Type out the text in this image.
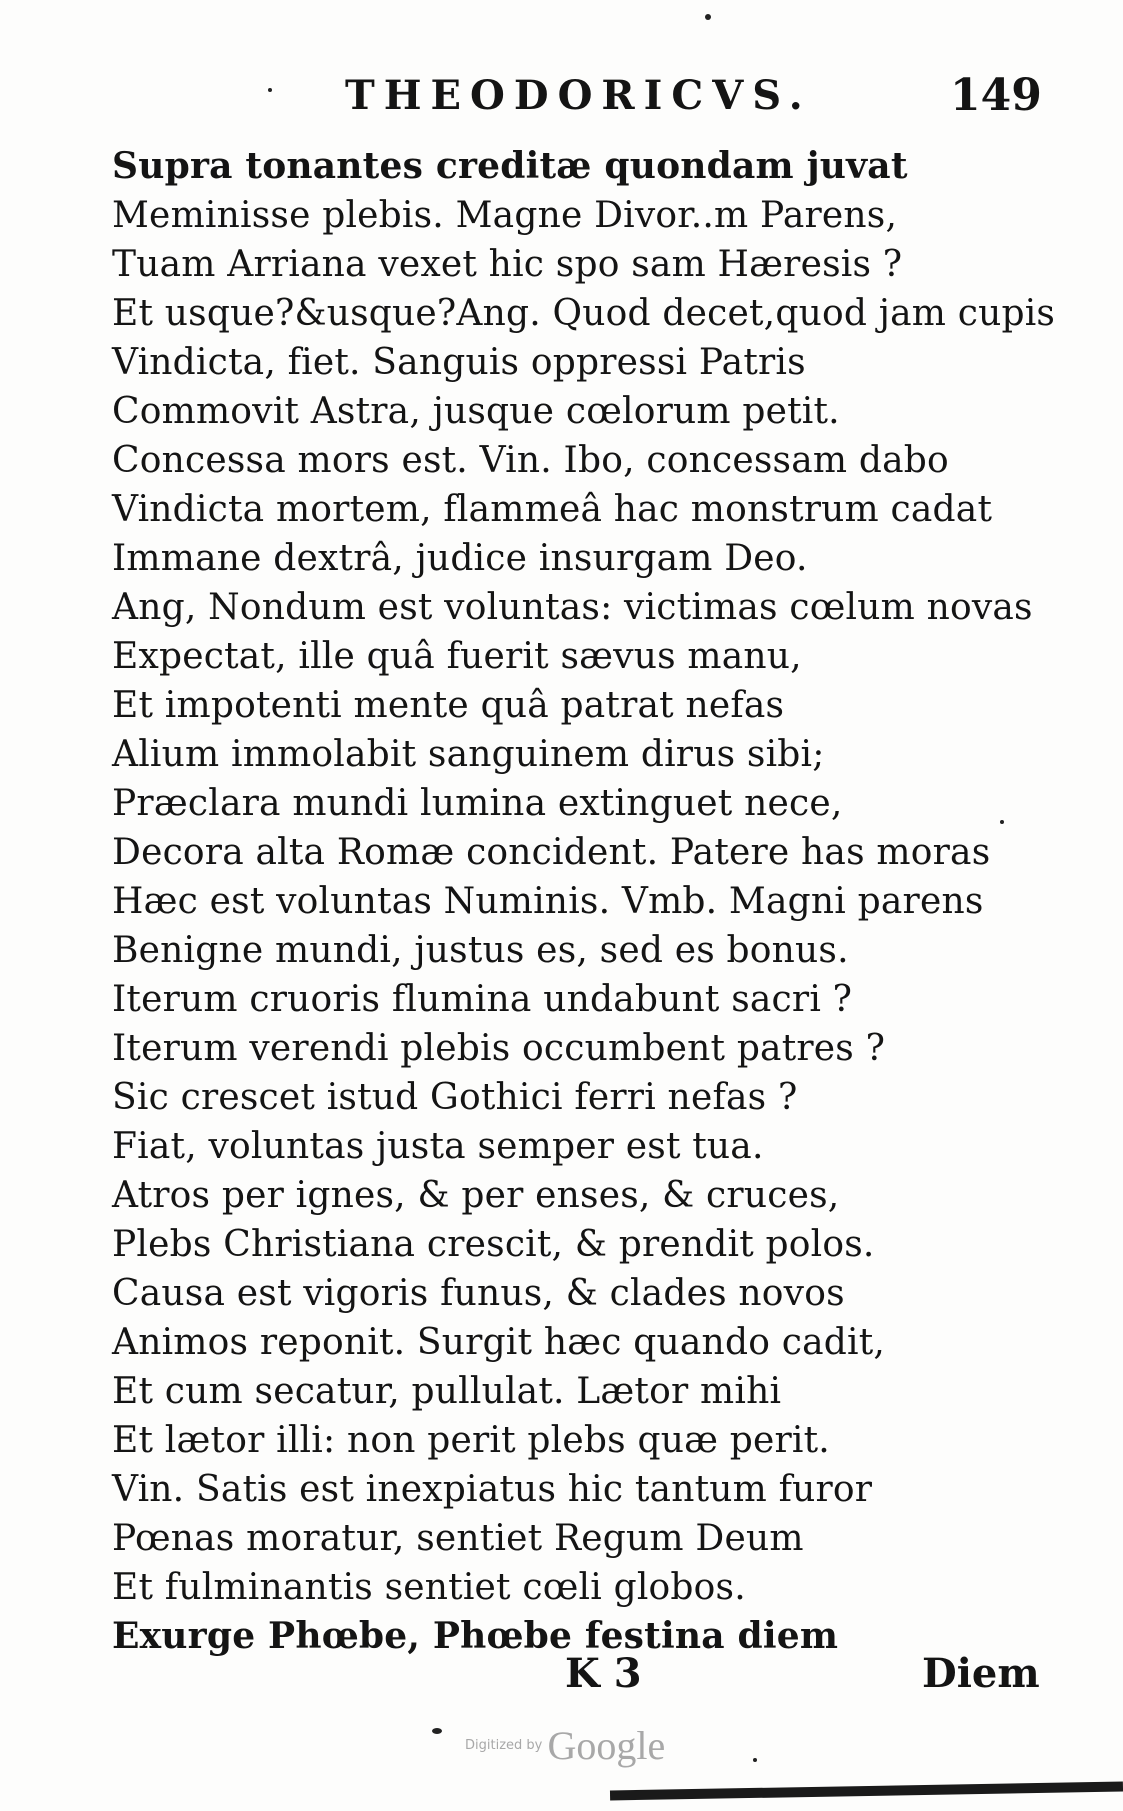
THEODORICVS.	149
Supra tonantes creditæ quondam juvat
Meminisse plebis. Magne Divor..m Parens,
Tuam Arriana vexet hic spo sam Hæresis ?
Et usque?&usque?Ang. Quod decet,quod jam cupis
Vindicta, fiet. Sanguis oppressi Patris
Commovit Astra, jusque cœlorum petit.
Concessa mors est. Vin. Ibo, concessam dabo
Vindicta mortem, flammeâ hac monstrum cadat
Immane dextrâ, judice insurgam Deo.
Ang, Nondum est voluntas: victimas cœlum novas
Expectat, ille quâ fuerit sævus manu,
Et impotenti mente quâ patrat nefas
Alium immolabit sanguinem dirus sibi;
Præclara mundi lumina extinguet nece,
Decora alta Romæ concident. Patere has moras
Hæc est voluntas Numinis. Vmb. Magni parens
Benigne mundi, justus es, sed es bonus.
Iterum cruoris flumina undabunt sacri ?
Iterum verendi plebis occumbent patres ?
Sic crescet istud Gothici ferri nefas ?
Fiat, voluntas justa semper est tua.
Atros per ignes, & per enses, & cruces,
Plebs Christiana crescit, & prendit polos.
Causa est vigoris funus, & clades novos
Animos reponit. Surgit hæc quando cadit,
Et cum secatur, pullulat. Lætor mihi
Et lætor illi: non perit plebs quæ perit.
Vin. Satis est inexpiatus hic tantum furor
Pœnas moratur, sentiet Regum Deum
Et fulminantis sentiet cœli globos.
Exurge Phœbe, Phœbe festina diem
K 3	Diem
Digitized by Google
